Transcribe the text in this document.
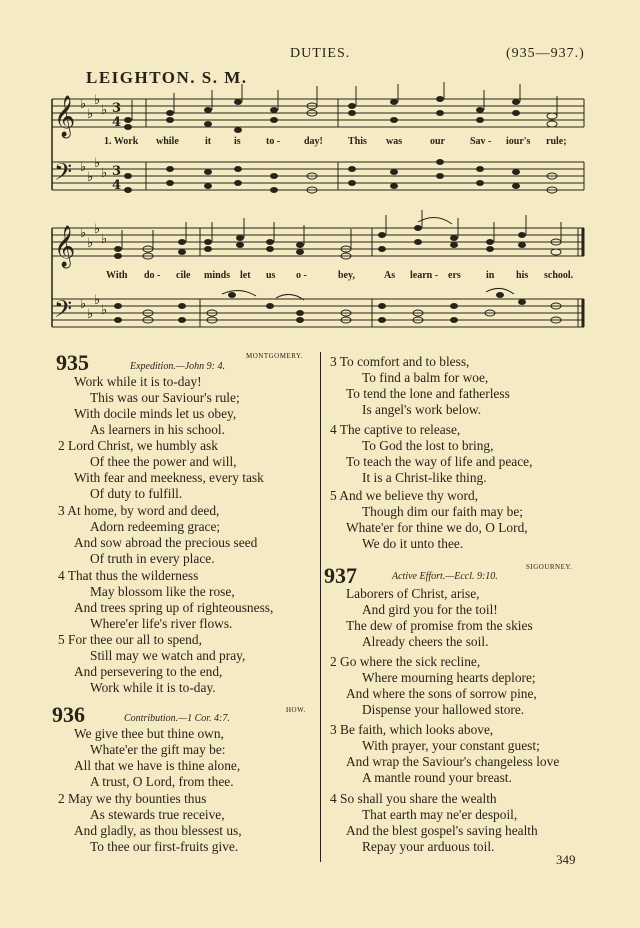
DUTIES.	(935—937.)
LEIGHTON. S. M.
𝄞
𝄢
♭
♭
♭
♭
♭
♭
♭
♭
3
4
3
4
𝄞
𝄢
♭
♭
♭
♭
♭
♭
♭
♭
1. Work while	it is	to - day!	This was	our	Sav - iour's rule;
With do - cile minds let us o -	bey,	As learn - ers	in his school.
935	Expedition.—John 9: 4.
MONTGOMERY.
Work while it is to-day!
This was our Saviour's rule;
With docile minds let us obey,
As learners in his school.
2 Lord Christ, we humbly ask
Of thee the power and will,
With fear and meekness, every task
Of duty to fulfill.
3 At home, by word and deed,
Adorn redeeming grace;
And sow abroad the precious seed
Of truth in every place.
4 That thus the wilderness
May blossom like the rose,
And trees spring up of righteousness,
Where'er life's river flows.
5 For thee our all to spend,
Still may we watch and pray,
And persevering to the end,
Work while it is to-day.
936	Contribution.—1 Cor. 4:7.
HOW.
We give thee but thine own,
Whate'er the gift may be:
All that we have is thine alone,
A trust, O Lord, from thee.
2 May we thy bounties thus
As stewards true receive,
And gladly, as thou blessest us,
To thee our first-fruits give.
3 To comfort and to bless,
To find a balm for woe,
To tend the lone and fatherless
Is angel's work below.
4 The captive to release,
To God the lost to bring,
To teach the way of life and peace,
It is a Christ-like thing.
5 And we believe thy word,
Though dim our faith may be;
Whate'er for thine we do, O Lord,
We do it unto thee.
SIGOURNEY.
937	Active Effort.—Eccl. 9:10.
Laborers of Christ, arise,
And gird you for the toil!
The dew of promise from the skies
Already cheers the soil.
2 Go where the sick recline,
Where mourning hearts deplore;
And where the sons of sorrow pine,
Dispense your hallowed store.
3 Be faith, which looks above,
With prayer, your constant guest;
And wrap the Saviour's changeless love
A mantle round your breast.
4 So shall you share the wealth
That earth may ne'er despoil,
And the blest gospel's saving health
Repay your arduous toil.
349
